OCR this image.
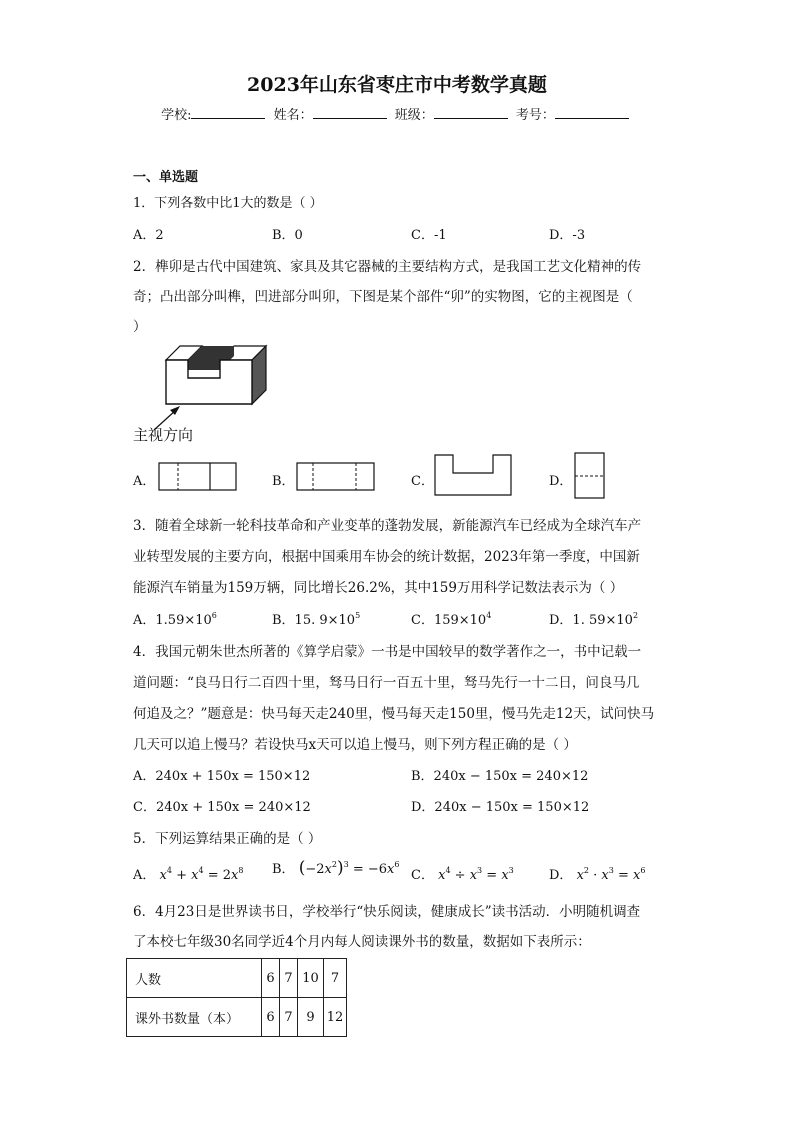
2023年山东省枣庄市中考数学真题
学校:	姓名：	班级：	考号：
一、单选题
1．下列各数中比1大的数是（ ）
A．2	B．0	C．-1	D．-3
2．榫卯是古代中国建筑、家具及其它器械的主要结构方式，是我国工艺文化精神的传
奇；凸出部分叫榫，凹进部分叫卯，下图是某个部件“卯”的实物图，它的主视图是（
）
主视方向
A．	B．	C．	D．
3．随着全球新一轮科技革命和产业变革的蓬勃发展，新能源汽车已经成为全球汽车产
业转型发展的主要方向，根据中国乘用车协会的统计数据，2023年第一季度，中国新
能源汽车销量为159万辆，同比增长26.2%，其中159万用科学记数法表示为（ ）
A．$1.59\times 10^6$	B．15. $9\times 10^5$	C．$159\times 10^4$	D．1. $59\times 10^2$
4．我国元朝朱世杰所著的《算学启蒙》一书是中国较早的数学著作之一，书中记载一
道问题：“良马日行二百四十里，驽马日行一百五十里，驽马先行一十二日，问良马几
何追及之？”题意是：快马每天走240里，慢马每天走150里，慢马先走12天，试问快马
几天可以追上慢马？若设快马x天可以追上慢马，则下列方程正确的是（ ）
A．240x + 150x = 150×12	B．240x − 150x = 240×12
C．240x + 150x = 240×12	D．240x − 150x = 150×12
5．下列运算结果正确的是（ ）
A． $x^4 + x^4 = 2x^8$ B． $(-2x^2)^3 = -6x^6$
C． $x^4 \div x^3 = x^3$	D． $x^2 \cdot x^3 = x^6$
6．4月23日是世界读书日，学校举行“快乐阅读，健康成长”读书活动．小明随机调查
了本校七年级30名同学近4个月内每人阅读课外书的数量，数据如下表所示：
人数	6	7	10	7
课外书数量（本）	6	7	9	12
